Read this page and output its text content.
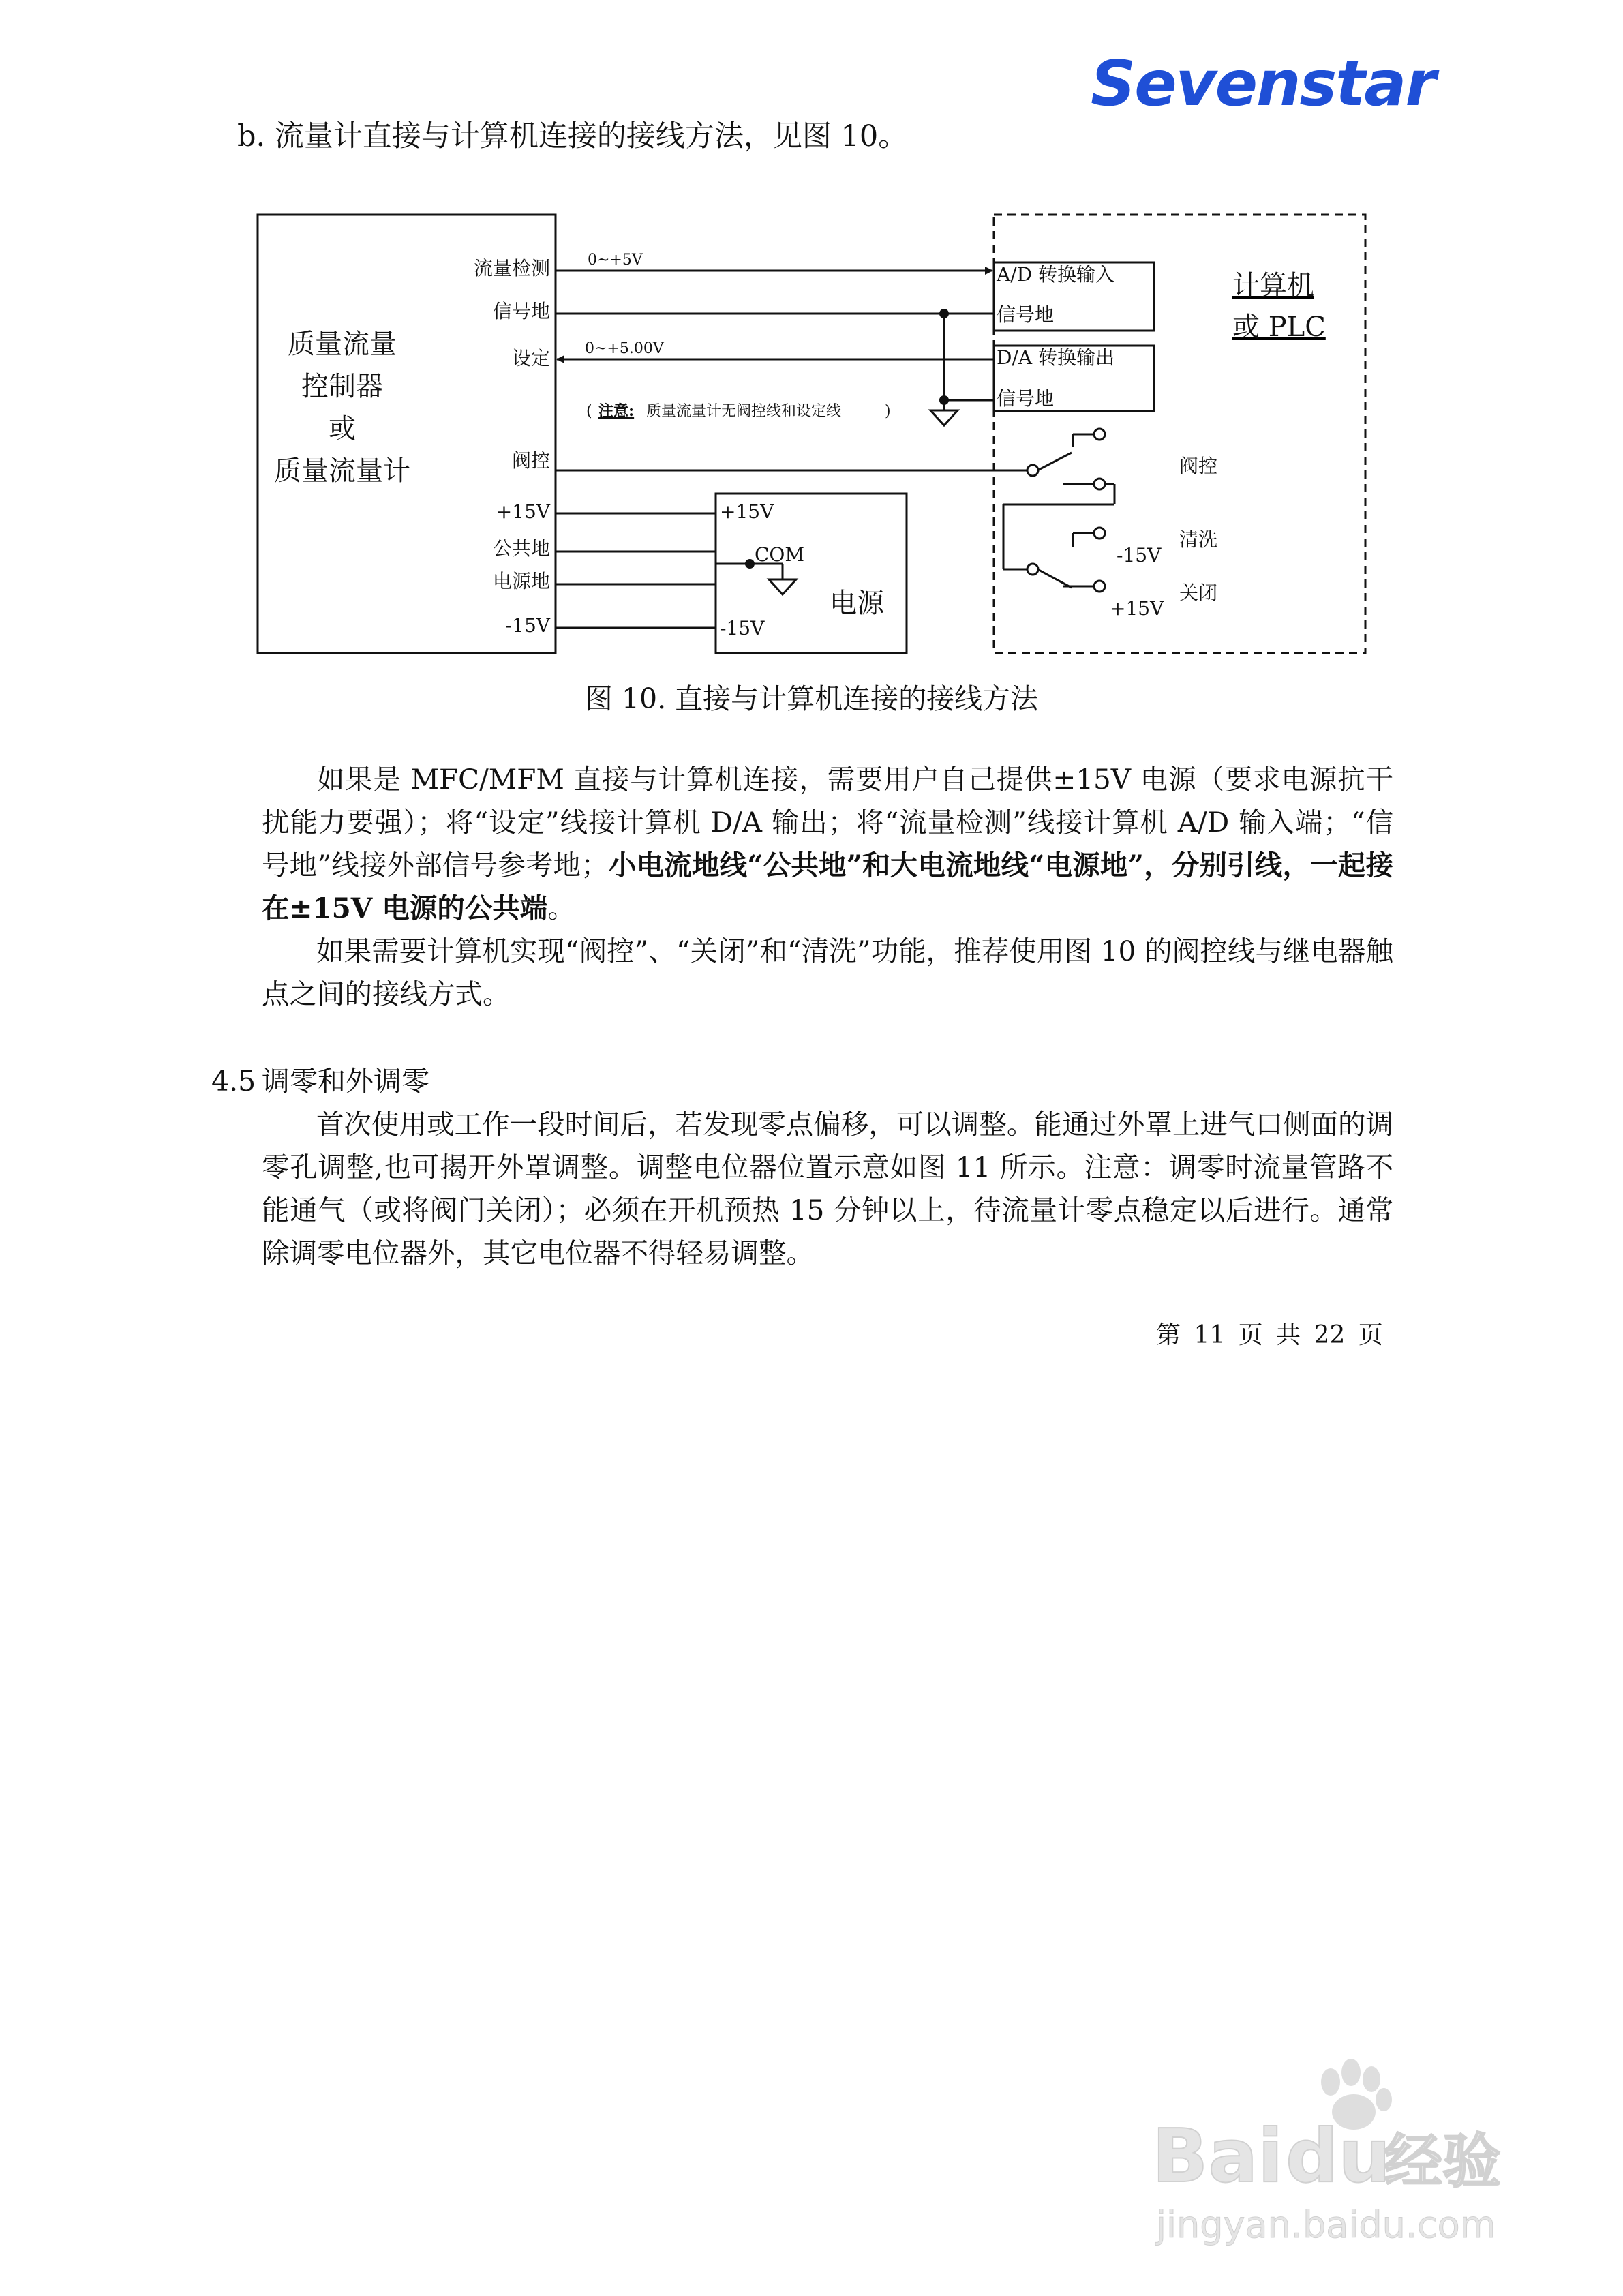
Sevenstar
b. 流量计直接与计算机连接的接线方法，见图 10。
质量流量
控制器
或
质量流量计
流量检测
信号地
设定
阀控
+15V
公共地
电源地
-15V
0~+5V
0~+5.00V
( 注意: 质量流量计无阀控线和设定线	)
A/D 转换输入
信号地
D/A 转换输出
信号地
阀控
清洗
-15V
关闭
+15V
计算机
或 PLC
+15V
COM
-15V
电源
图 10. 直接与计算机连接的接线方法
如果是 MFC/MFM 直接与计算机连接，需要用户自己提供±15V 电源（要求电源抗干扰能力要强）；将“设定”线接计算机 D/A 输出；将“流量检测”线接计算机 A/D 输入端；“信号地”线接外部信号参考地；小电流地线“公共地”和大电流地线“电源地”，分别引线，一起接在±15V 电源的公共端。
如果需要计算机实现“阀控”、“关闭”和“清洗”功能，推荐使用图 10 的阀控线与继电器触点之间的接线方式。
4.5 调零和外调零
首次使用或工作一段时间后，若发现零点偏移，可以调整。能通过外罩上进气口侧面的调零孔调整,也可揭开外罩调整。调整电位器位置示意如图 11 所示。注意：调零时流量管路不能通气（或将阀门关闭）；必须在开机预热 15 分钟以上，待流量计零点稳定以后进行。通常除调零电位器外，其它电位器不得轻易调整。
第 11 页 共 22 页
Bai du
经验
jingyan.baidu.com
